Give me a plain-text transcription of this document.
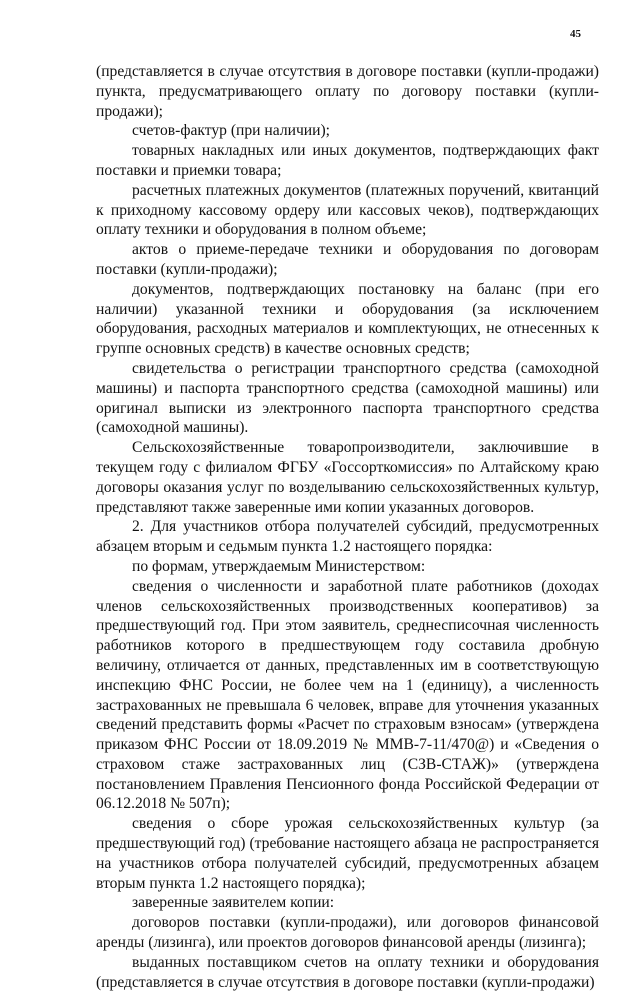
45

(представляется в случае отсутствия в договоре поставки (купли-продажи) пункта, предусматривающего оплату по договору поставки (купли-продажи);

счетов-фактур (при наличии);

товарных накладных или иных документов, подтверждающих факт поставки и приемки товара;

расчетных платежных документов (платежных поручений, квитанций к приходному кассовому ордеру или кассовых чеков), подтверждающих оплату техники и оборудования в полном объеме;

актов о приеме-передаче техники и оборудования по договорам поставки (купли-продажи);

документов, подтверждающих постановку на баланс (при его наличии) указанной техники и оборудования (за исключением оборудования, расходных материалов и комплектующих, не отнесенных к группе основных средств) в качестве основных средств;

свидетельства о регистрации транспортного средства (самоходной машины) и паспорта транспортного средства (самоходной машины) или оригинал выписки из электронного паспорта транспортного средства (самоходной машины).

Сельскохозяйственные товаропроизводители, заключившие в текущем году с филиалом ФГБУ «Госсорткомиссия» по Алтайскому краю договоры оказания услуг по возделыванию сельскохозяйственных культур, представляют также заверенные ими копии указанных договоров.

2. Для участников отбора получателей субсидий, предусмотренных абзацем вторым и седьмым пункта 1.2 настоящего порядка:

по формам, утверждаемым Министерством:

сведения о численности и заработной плате работников (доходах членов сельскохозяйственных производственных кооперативов) за предшествующий год. При этом заявитель, среднесписочная численность работников которого в предшествующем году составила дробную величину, отличается от данных, представленных им в соответствующую инспекцию ФНС России, не более чем на 1 (единицу), а численность застрахованных не превышала 6 человек, вправе для уточнения указанных сведений представить формы «Расчет по страховым взносам» (утверждена приказом ФНС России от 18.09.2019 № ММВ-7-11/470@) и «Сведения о страховом стаже застрахованных лиц (СЗВ-СТАЖ)» (утверждена постановлением Правления Пенсионного фонда Российской Федерации от 06.12.2018 № 507п);

сведения о сборе урожая сельскохозяйственных культур (за предшествующий год) (требование настоящего абзаца не распространяется на участников отбора получателей субсидий, предусмотренных абзацем вторым пункта 1.2 настоящего порядка);

заверенные заявителем копии:

договоров поставки (купли-продажи), или договоров финансовой аренды (лизинга), или проектов договоров финансовой аренды (лизинга);

выданных поставщиком счетов на оплату техники и оборудования (представляется в случае отсутствия в договоре поставки (купли-продажи)
